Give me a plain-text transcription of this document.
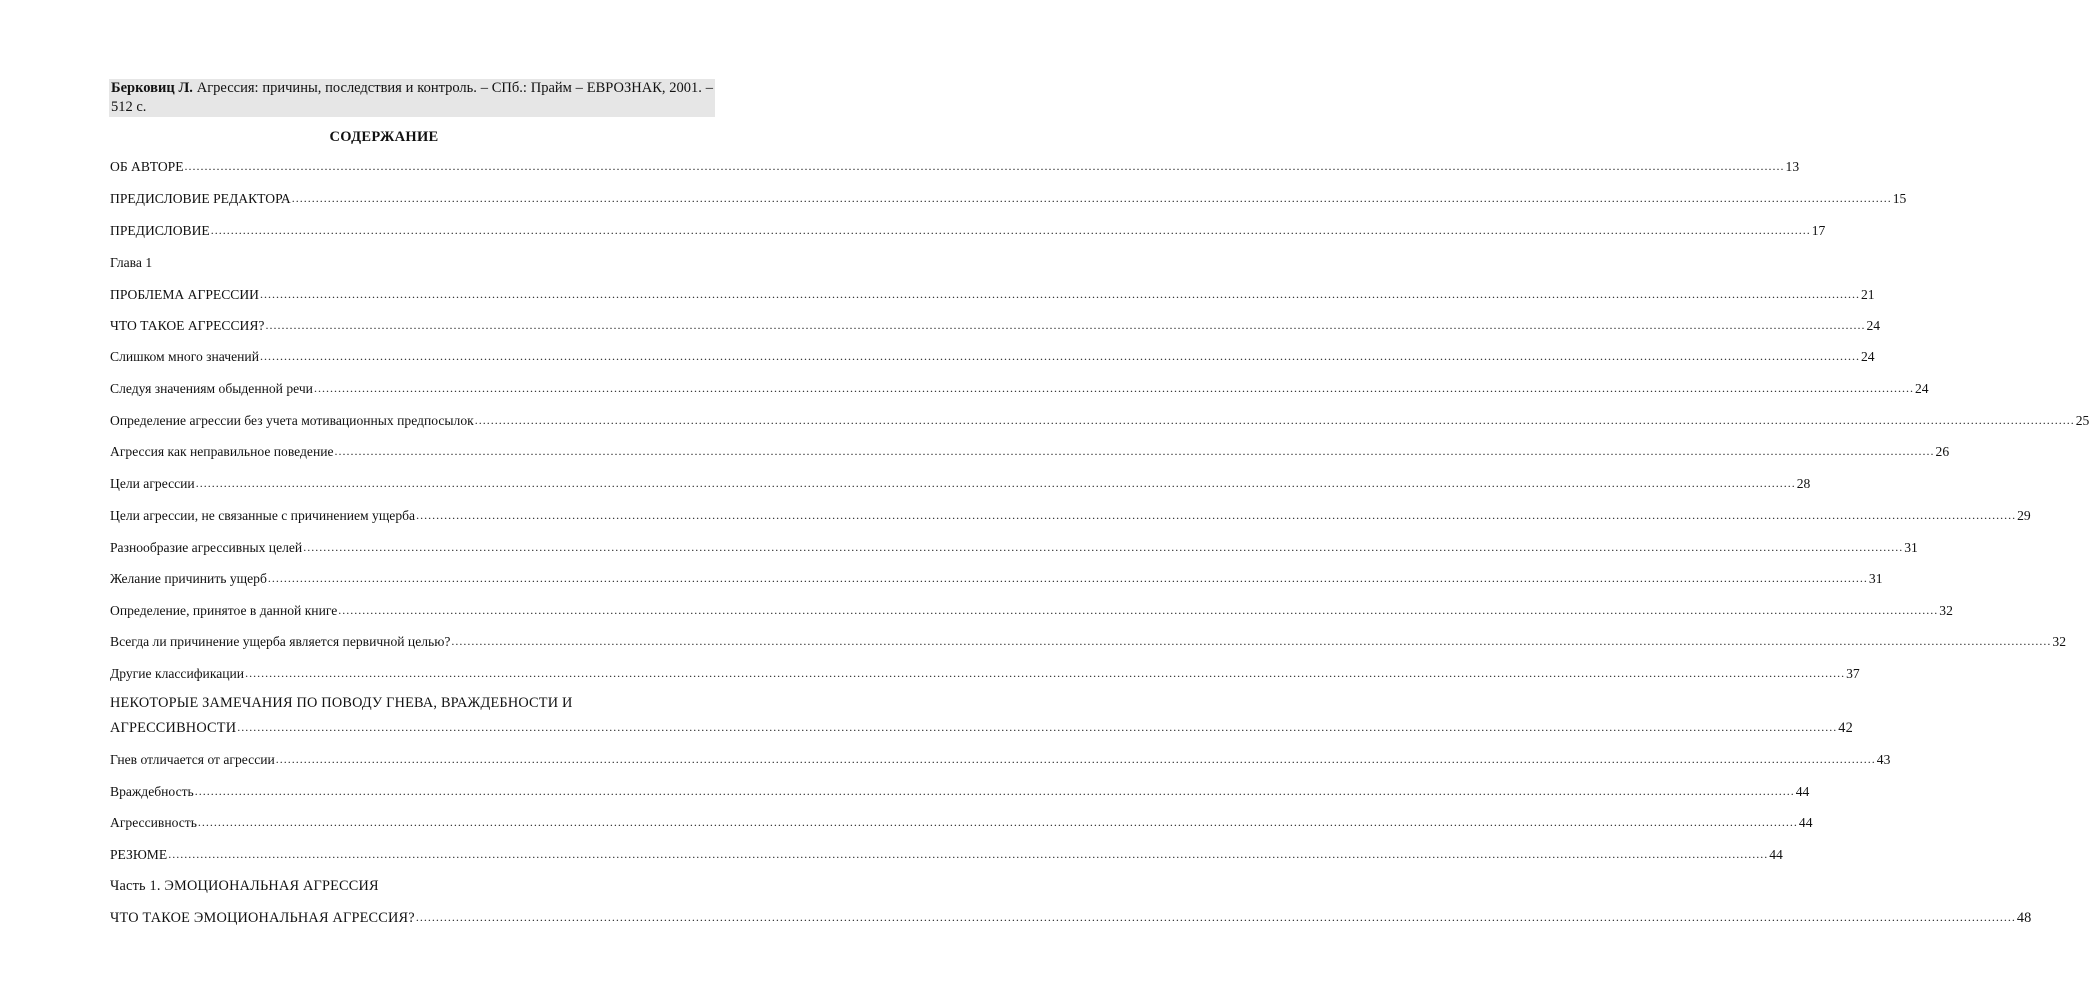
Берковиц Л. Агрессия: причины, последствия и контроль. – СПб.: Прайм – ЕВРОЗНАК, 2001. – 512 с.
СОДЕРЖАНИЕ
ОБ АВТОРЕ ................................................................................................................................................................................................................................................................................................................................................................................................................ 13
ПРЕДИСЛОВИЕ РЕДАКТОРА ................................................................................................................................................................................................................................................................................................................................................................................................................ 15
ПРЕДИСЛОВИЕ ................................................................................................................................................................................................................................................................................................................................................................................................................ 17
Глава 1
ПРОБЛЕМА АГРЕССИИ ................................................................................................................................................................................................................................................................................................................................................................................................................ 21
ЧТО ТАКОЕ АГРЕССИЯ? ................................................................................................................................................................................................................................................................................................................................................................................................................ 24
Слишком много значений ................................................................................................................................................................................................................................................................................................................................................................................................................ 24
Следуя значениям обыденной речи ................................................................................................................................................................................................................................................................................................................................................................................................................ 24
Определение агрессии без учета мотивационных предпосылок ................................................................................................................................................................................................................................................................................................................................................................................................................ 25
Агрессия как неправильное поведение ................................................................................................................................................................................................................................................................................................................................................................................................................ 26
Цели агрессии ................................................................................................................................................................................................................................................................................................................................................................................................................ 28
Цели агрессии, не связанные с причинением ущерба ................................................................................................................................................................................................................................................................................................................................................................................................................ 29
Разнообразие агрессивных целей ................................................................................................................................................................................................................................................................................................................................................................................................................ 31
Желание причинить ущерб ................................................................................................................................................................................................................................................................................................................................................................................................................ 31
Определение, принятое в данной книге ................................................................................................................................................................................................................................................................................................................................................................................................................ 32
Всегда ли причинение ущерба является первичной целью? ................................................................................................................................................................................................................................................................................................................................................................................................................ 32
Другие классификации ................................................................................................................................................................................................................................................................................................................................................................................................................ 37
НЕКОТОРЫЕ ЗАМЕЧАНИЯ ПО ПОВОДУ ГНЕВА, ВРАЖДЕБНОСТИ И
АГРЕССИВНОСТИ ................................................................................................................................................................................................................................................................................................................................................................................................................ 42
Гнев отличается от агрессии ................................................................................................................................................................................................................................................................................................................................................................................................................ 43
Враждебность ................................................................................................................................................................................................................................................................................................................................................................................................................ 44
Агрессивность ................................................................................................................................................................................................................................................................................................................................................................................................................ 44
РЕЗЮМЕ ................................................................................................................................................................................................................................................................................................................................................................................................................ 44
Часть 1. ЭМОЦИОНАЛЬНАЯ АГРЕССИЯ
ЧТО ТАКОЕ ЭМОЦИОНАЛЬНАЯ АГРЕССИЯ? ................................................................................................................................................................................................................................................................................................................................................................................................................ 48
